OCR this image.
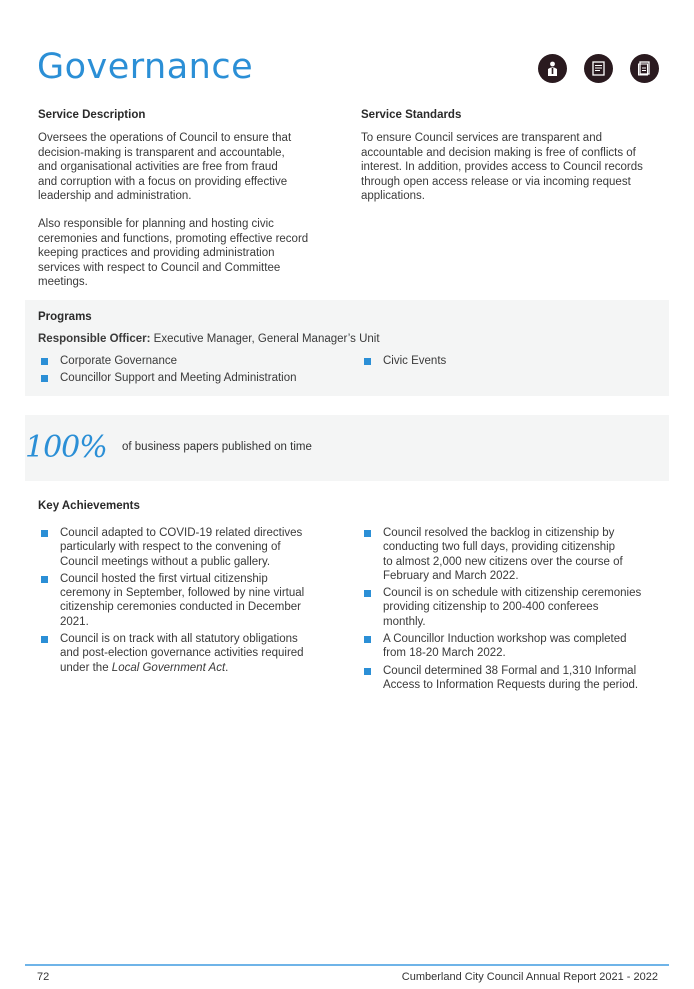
Governance
Service Description
Oversees the operations of Council to ensure that
decision-making is transparent and accountable,
and organisational activities are free from fraud
and corruption with a focus on providing effective
leadership and administration.
Also responsible for planning and hosting civic
ceremonies and functions, promoting effective record
keeping practices and providing administration
services with respect to Council and Committee
meetings.
Service Standards
To ensure Council services are transparent and
accountable and decision making is free of conflicts of
interest. In addition, provides access to Council records
through open access release or via incoming request
applications.
Programs
Responsible Officer: Executive Manager, General Manager’s Unit
Corporate Governance
Councillor Support and Meeting Administration
Civic Events
100% of business papers published on time
Key Achievements
Council adapted to COVID-19 related directives
particularly with respect to the convening of
Council meetings without a public gallery.
Council hosted the first virtual citizenship
ceremony in September, followed by nine virtual
citizenship ceremonies conducted in December
2021.
Council is on track with all statutory obligations
and post-election governance activities required
under the Local Government Act.
Council resolved the backlog in citizenship by
conducting two full days, providing citizenship
to almost 2,000 new citizens over the course of
February and March 2022.
Council is on schedule with citizenship ceremonies
providing citizenship to 200-400 conferees
monthly.
A Councillor Induction workshop was completed
from 18-20 March 2022.
Council determined 38 Formal and 1,310 Informal
Access to Information Requests during the period.
72	Cumberland City Council Annual Report 2021 - 2022
